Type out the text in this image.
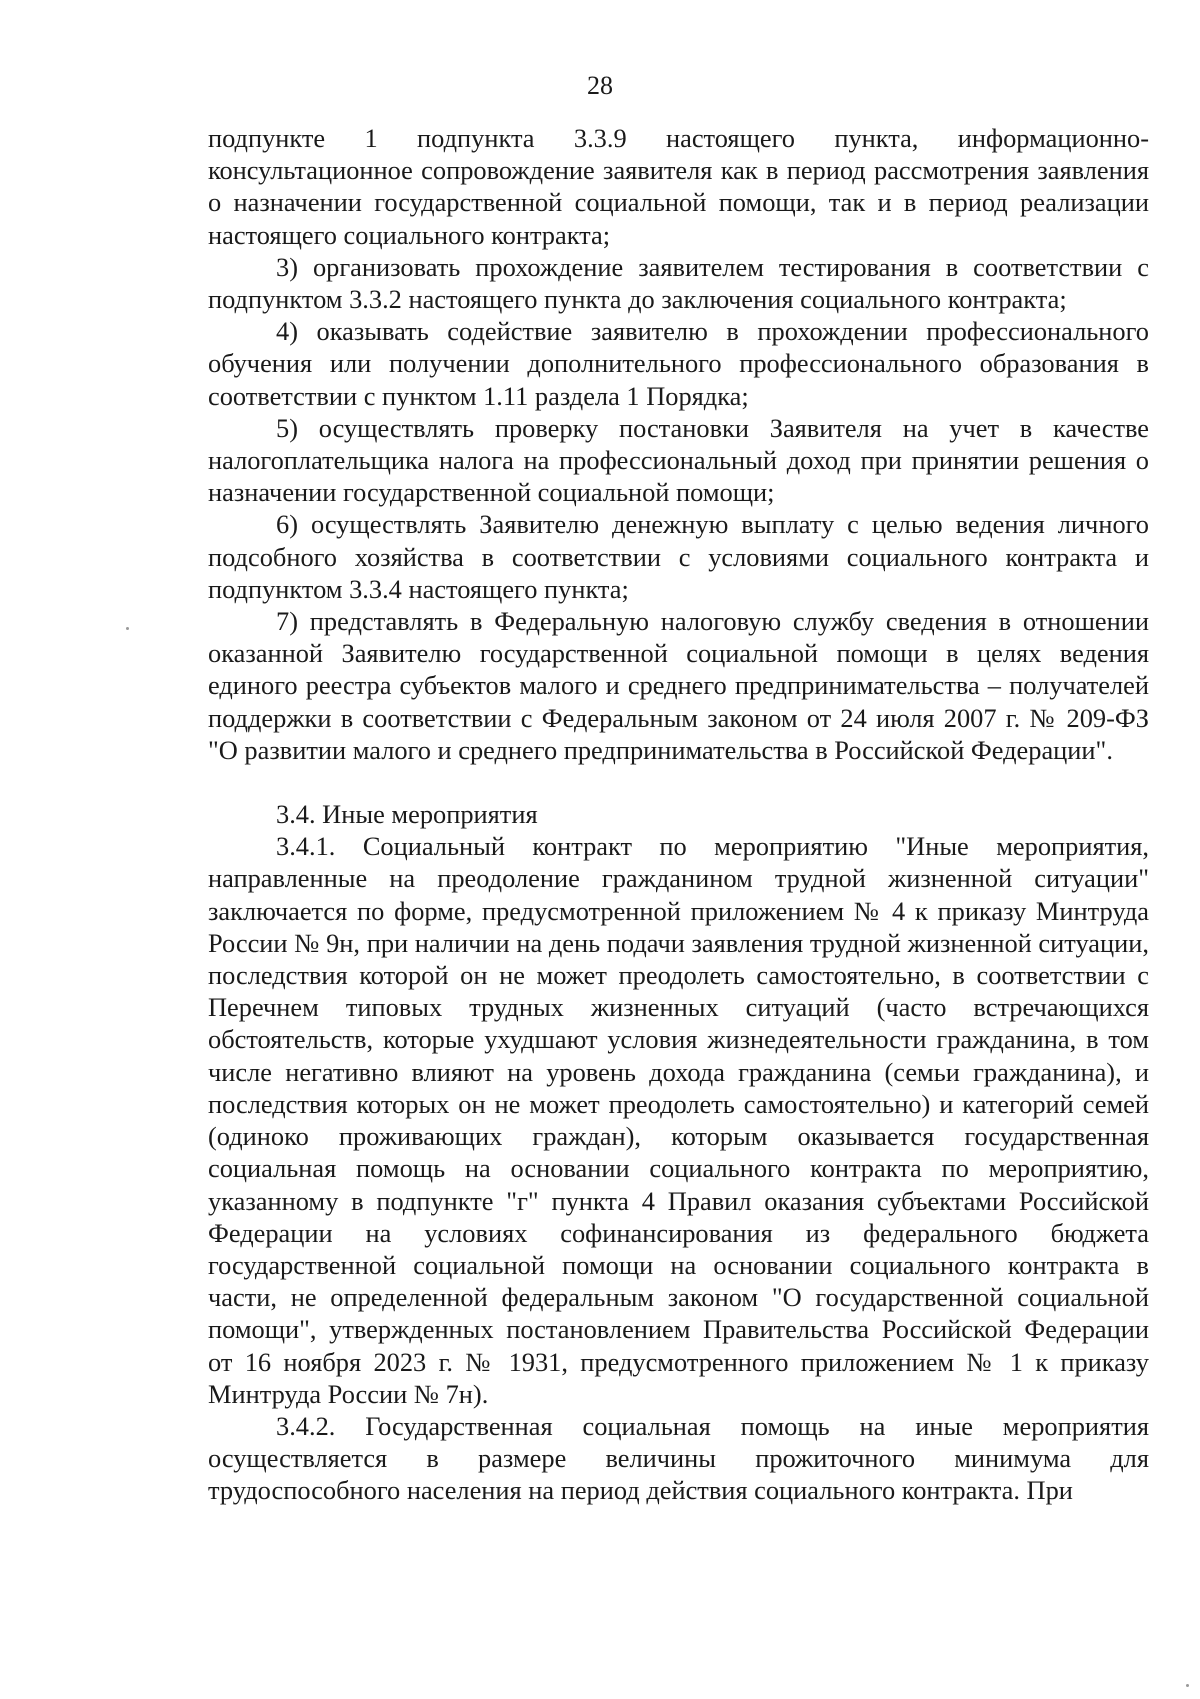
28

подпункте 1 подпункта 3.3.9 настоящего пункта, информационно-консультационное сопровождение заявителя как в период рассмотрения заявления о назначении государственной социальной помощи, так и в период реализации настоящего социального контракта;

3) организовать прохождение заявителем тестирования в соответствии с подпунктом 3.3.2 настоящего пункта до заключения социального контракта;

4) оказывать содействие заявителю в прохождении профессионального обучения или получении дополнительного профессионального образования в соответствии с пунктом 1.11 раздела 1 Порядка;

5) осуществлять проверку постановки Заявителя на учет в качестве налогоплательщика налога на профессиональный доход при принятии решения о назначении государственной социальной помощи;

6) осуществлять Заявителю денежную выплату с целью ведения личного подсобного хозяйства в соответствии с условиями социального контракта и подпунктом 3.3.4 настоящего пункта;

7) представлять в Федеральную налоговую службу сведения в отношении оказанной Заявителю государственной социальной помощи в целях ведения единого реестра субъектов малого и среднего предпринимательства – получателей поддержки в соответствии с Федеральным законом от 24 июля 2007 г. № 209-ФЗ "О развитии малого и среднего предпринимательства в Российской Федерации".

3.4. Иные мероприятия

3.4.1. Социальный контракт по мероприятию "Иные мероприятия, направленные на преодоление гражданином трудной жизненной ситуации" заключается по форме, предусмотренной приложением № 4 к приказу Минтруда России № 9н, при наличии на день подачи заявления трудной жизненной ситуации, последствия которой он не может преодолеть самостоятельно, в соответствии с Перечнем типовых трудных жизненных ситуаций (часто встречающихся обстоятельств, которые ухудшают условия жизнедеятельности гражданина, в том числе негативно влияют на уровень дохода гражданина (семьи гражданина), и последствия которых он не может преодолеть самостоятельно) и категорий семей (одиноко проживающих граждан), которым оказывается государственная социальная помощь на основании социального контракта по мероприятию, указанному в подпункте "г" пункта 4 Правил оказания субъектами Российской Федерации на условиях софинансирования из федерального бюджета государственной социальной помощи на основании социального контракта в части, не определенной федеральным законом "О государственной социальной помощи", утвержденных постановлением Правительства Российской Федерации от 16 ноября 2023 г. № 1931, предусмотренного приложением № 1 к приказу Минтруда России № 7н).

3.4.2. Государственная социальная помощь на иные мероприятия осуществляется в размере величины прожиточного минимума для трудоспособного населения на период действия социального контракта. При
